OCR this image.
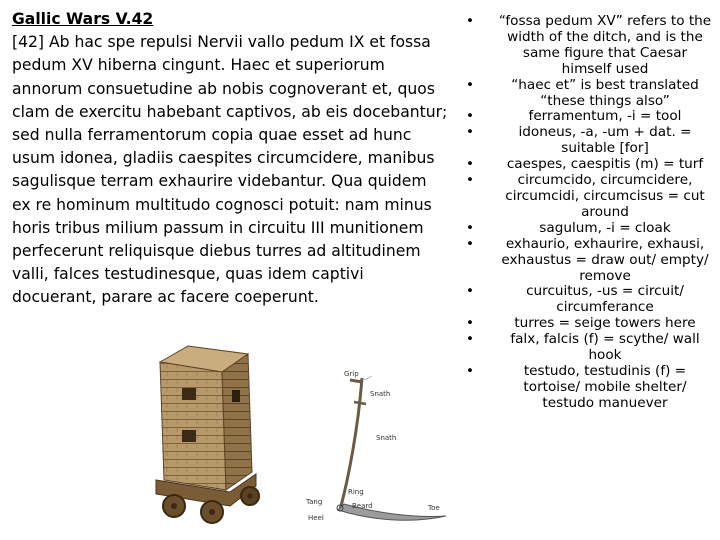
Gallic Wars V.42
[42] Ab hac spe repulsi Nervii vallo pedum IX et fossa
pedum XV hiberna cingunt. Haec et superiorum
annorum consuetudine ab nobis cognoverant et, quos
clam de exercitu habebant captivos, ab eis docebantur;
sed nulla ferramentorum copia quae esset ad hunc
usum idonea, gladiis caespites circumcidere, manibus
sagulisque terram exhaurire videbantur. Qua quidem
ex re hominum multitudo cognosci potuit: nam minus
horis tribus milium passum in circuitu III munitionem
perfecerunt reliquisque diebus turres ad altitudinem
valli, falces testudinesque, quas idem captivi
docuerant, parare ac facere coeperunt.
• “fossa pedum XV” refers to the width of the ditch, and is the same figure that Caesar himself used
• “haec et” is best translated “these things also”
• ferramentum, -i = tool
• idoneus, -a, -um + dat. = suitable [for]
• caespes, caespitis (m) = turf
• circumcido, circumcidere, circumcidi, circumcisus = cut around
• sagulum, -i = cloak
• exhaurio, exhaurire, exhausi, exhaustus = draw out/ empty/ remove
• curcuitus, -us = circuit/ circumferance
• turres = seige towers here
• falx, falcis (f) = scythe/ wall hook
• testudo, testudinis (f) = tortoise/ mobile shelter/ testudo manuever
Grip
Snath
Snath
Ring
Tang	Beard	Toe
Heel
